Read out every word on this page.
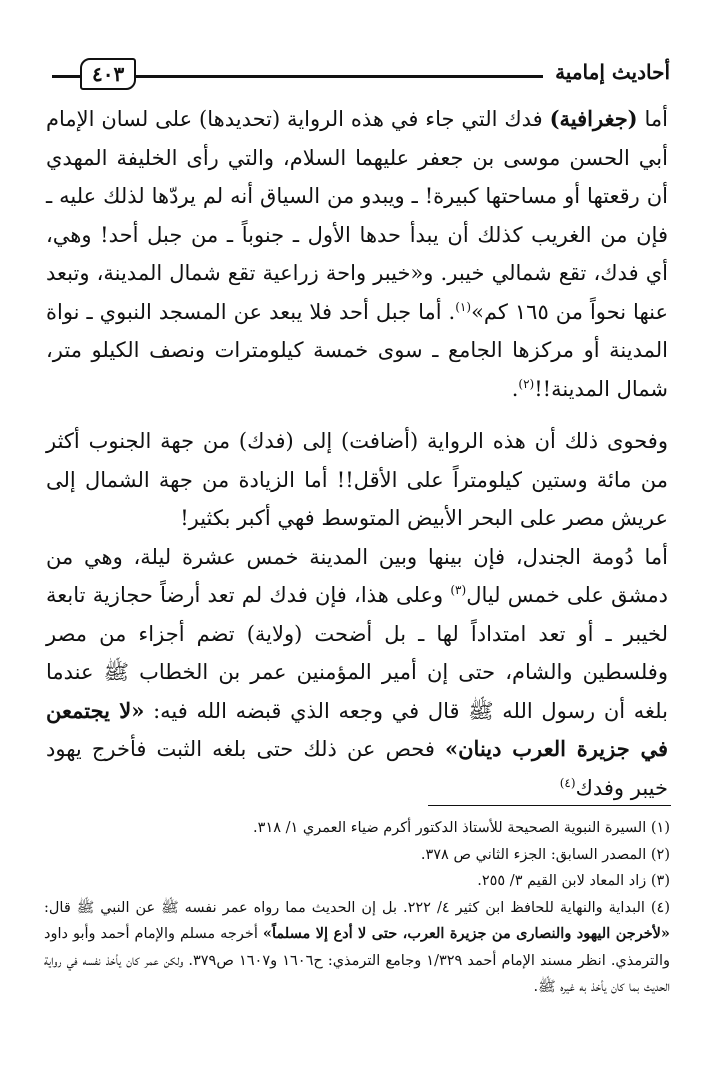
أحاديث إمامية
٤٠٣

أما (جغرافية) فدك التي جاء في هذه الرواية (تحديدها) على لسان الإمام أبي الحسن موسى بن جعفر عليهما السلام، والتي رأى الخليفة المهدي أن رقعتها أو مساحتها كبيرة! ـ ويبدو من السياق أنه لم يردّها لذلك عليه ـ فإن من الغريب كذلك أن يبدأ حدها الأول ـ جنوباً ـ من جبل أحد! وهي، أي فدك، تقع شمالي خيبر. و«خيبر واحة زراعية تقع شمال المدينة، وتبعد عنها نحواً من ١٦٥ كم»$^{(١)}$. أما جبل أحد فلا يبعد عن المسجد النبوي ـ نواة المدينة أو مركزها الجامع ـ سوى خمسة كيلومترات ونصف الكيلو متر، شمال المدينة!!$^{(٢)}$.

وفحوى ذلك أن هذه الرواية (أضافت) إلى (فدك) من جهة الجنوب أكثر من مائة وستين كيلومتراً على الأقل!! أما الزيادة من جهة الشمال إلى عريش مصر على البحر الأبيض المتوسط فهي أكبر بكثير!

أما دُومة الجندل، فإن بينها وبين المدينة خمس عشرة ليلة، وهي من دمشق على خمس ليال$^{(٣)}$ وعلى هذا، فإن فدك لم تعد أرضاً حجازية تابعة لخيبر ـ أو تعد امتداداً لها ـ بل أضحت (ولاية) تضم أجزاء من مصر وفلسطين والشام، حتى إن أمير المؤمنين عمر بن الخطاب ﷺ عندما بلغه أن رسول الله ﷺ قال في وجعه الذي قبضه الله فيه: «لا يجتمعن في جزيرة العرب دينان» فحص عن ذلك حتى بلغه الثبت فأخرج يهود خيبر وفدك$^{(٤)}$

(١) السيرة النبوية الصحيحة للأستاذ الدكتور أكرم ضياء العمري ١/ ٣١٨.

(٢) المصدر السابق: الجزء الثاني ص ٣٧٨.

(٣) زاد المعاد لابن القيم ٣/ ٢٥٥.

(٤) البداية والنهاية للحافظ ابن كثير ٤/ ٢٢٢. بل إن الحديث مما رواه عمر نفسه ﷺ عن النبي ﷺ قال: «لأخرجن اليهود والنصارى من جزيرة العرب، حتى لا أدع إلا مسلماً» أخرجه مسلم والإمام أحمد وأبو داود والترمذي. انظر مسند الإمام أحمد ١/٣٢٩ وجامع الترمذي: ح١٦٠٦ و١٦٠٧ ص٣٧٩. ولكن عمر كان يأخذ نفسه في رواية الحديث بما كان يأخذ به غيره ﷺ.
